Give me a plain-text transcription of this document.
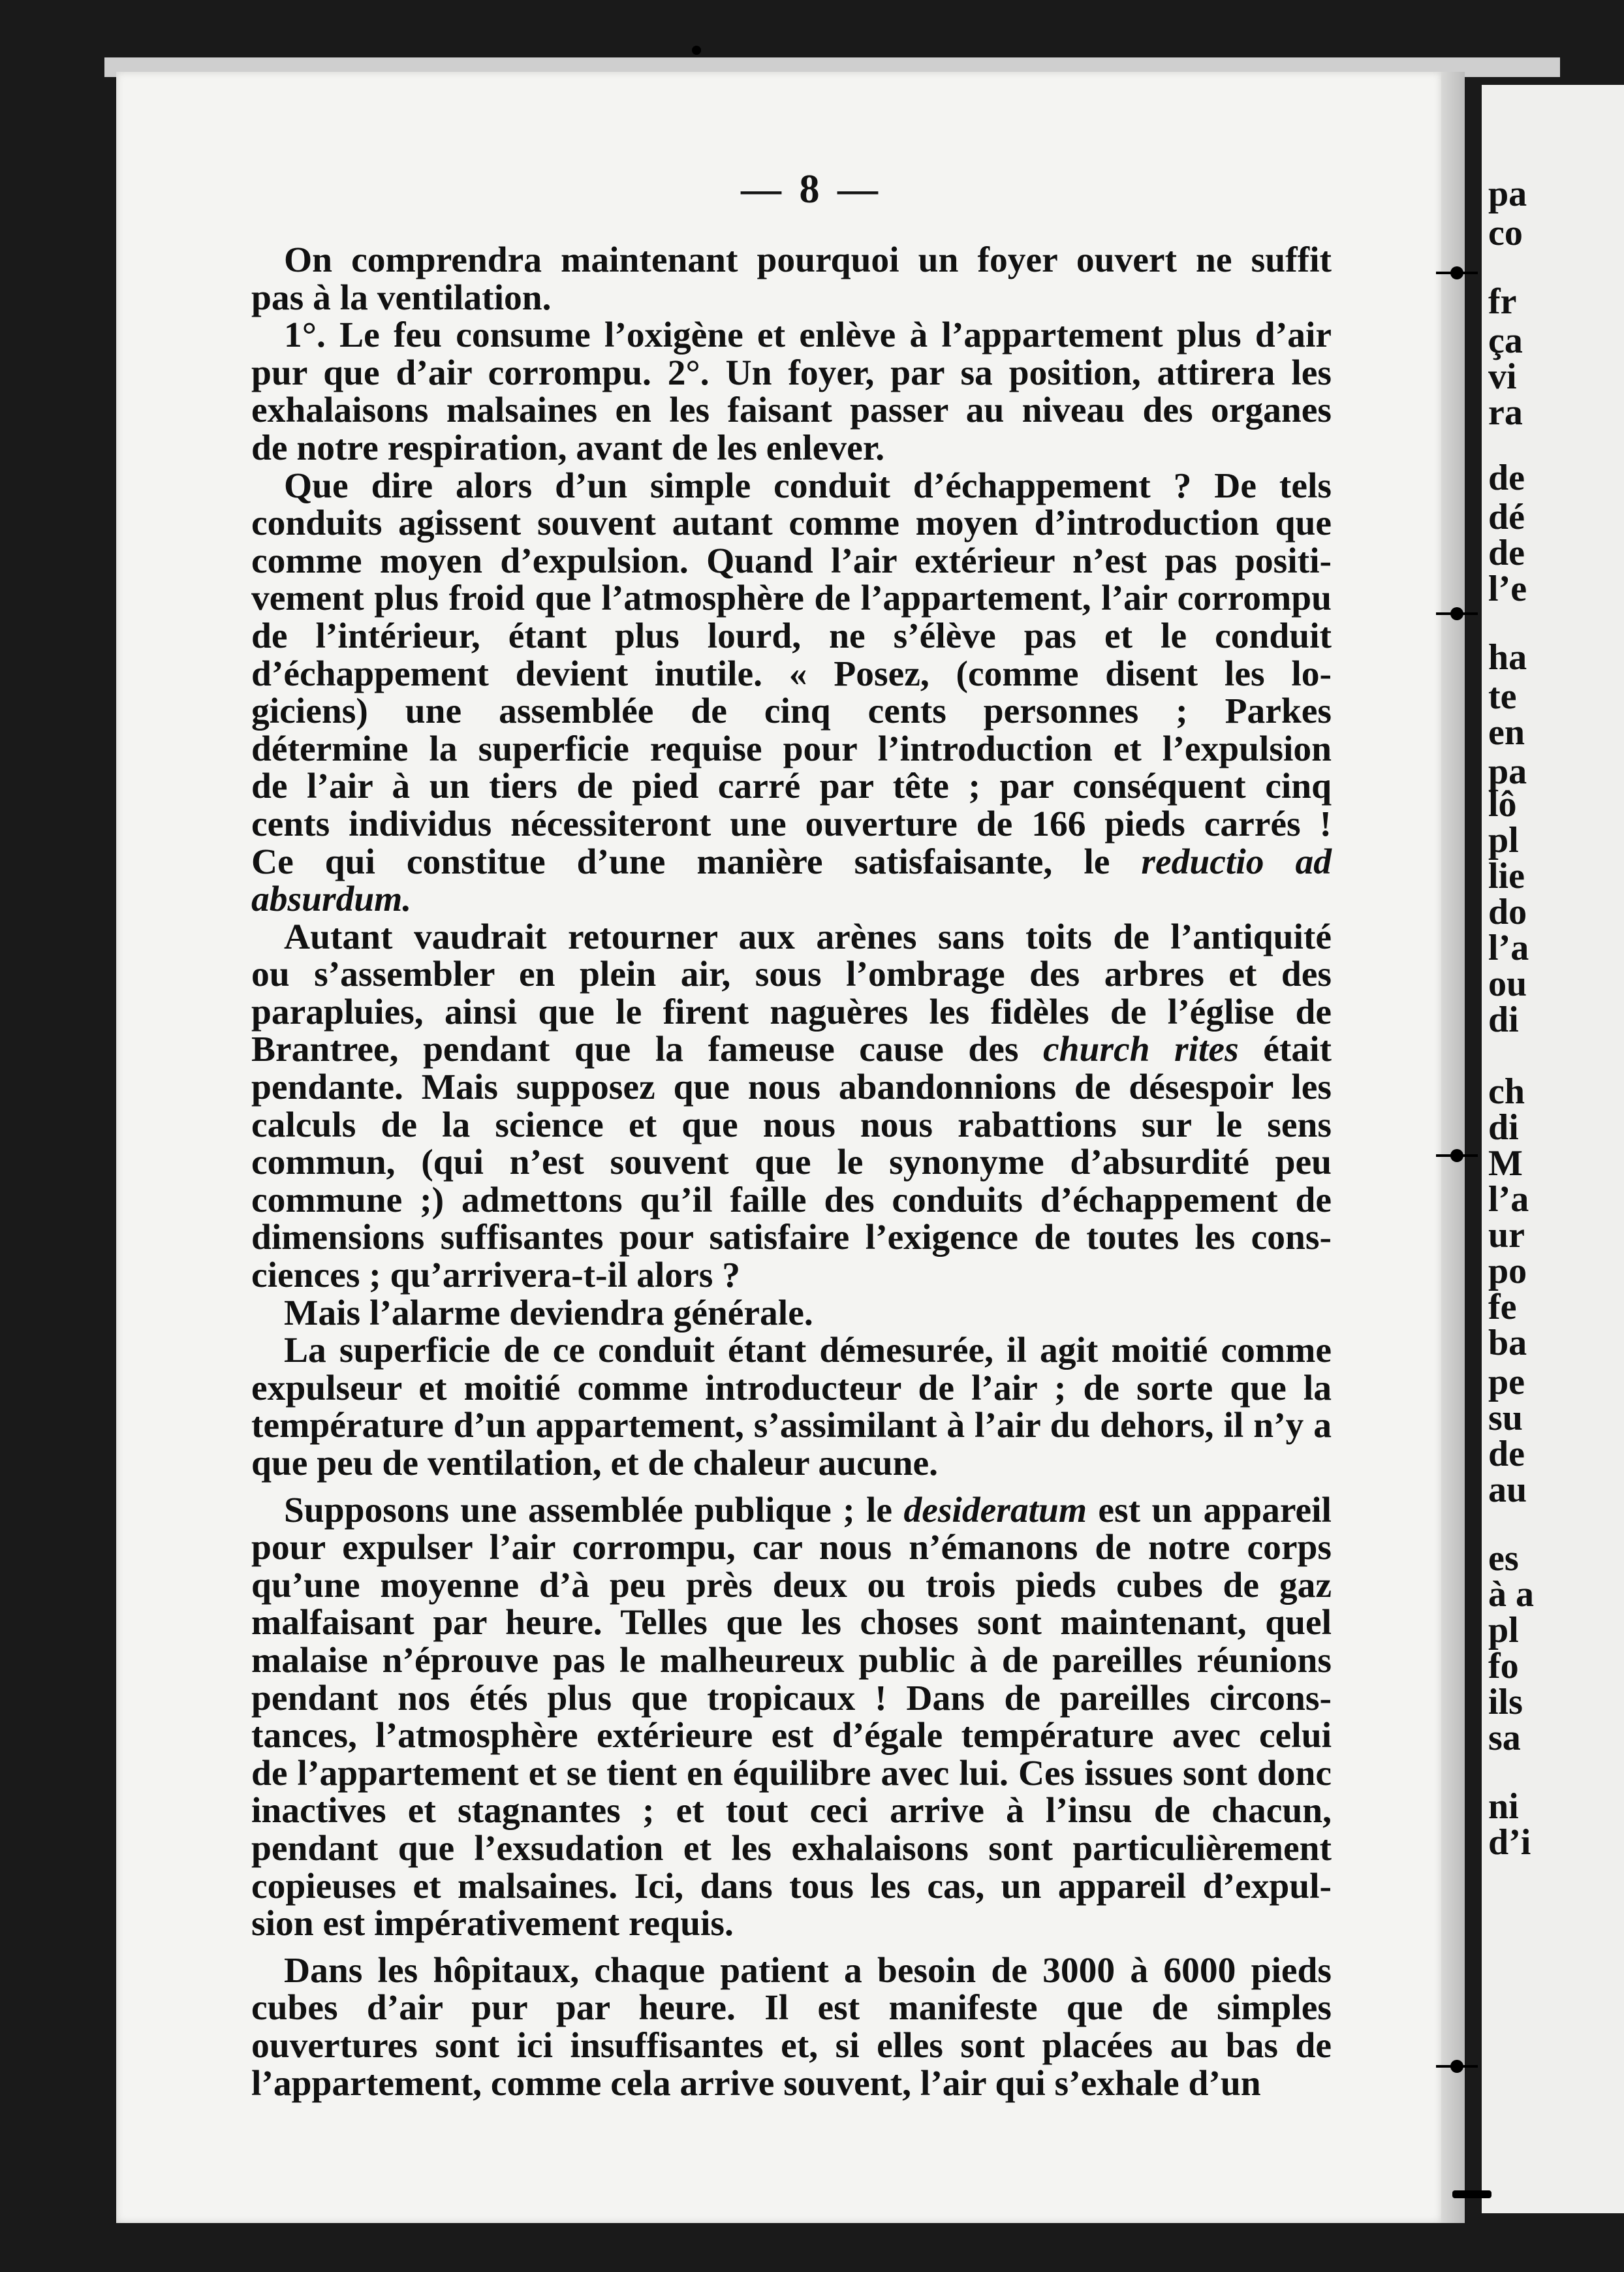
pa
co
fr
ça
vi
ra
de
dé
de
l’e
ha
te
en
pa
lô
pl
lie
do
l’a
ou
di
ch
di
M
l’a
ur
po
fe
ba
pe
su
de
au
es
à a
pl
fo
ils
sa
ni
d’i
— 8 —

On comprendra maintenant pourquoi un foyer ouvert ne suffit
pas à la ventilation.

1°. Le feu consume l’oxigène et enlève à l’appartement plus d’air
pur que d’air corrompu. 2°. Un foyer, par sa position, attirera les
exhalaisons malsaines en les faisant passer au niveau des organes
de notre respiration, avant de les enlever.

Que dire alors d’un simple conduit d’échappement ? De tels
conduits agissent souvent autant comme moyen d’introduction que
comme moyen d’expulsion. Quand l’air extérieur n’est pas positi-
vement plus froid que l’atmosphère de l’appartement, l’air corrompu
de l’intérieur, étant plus lourd, ne s’élève pas et le conduit
d’échappement devient inutile. « Posez, (comme disent les lo-
giciens) une assemblée de cinq cents personnes ; Parkes
détermine la superficie requise pour l’introduction et l’expulsion
de l’air à un tiers de pied carré par tête ; par conséquent cinq
cents individus nécessiteront une ouverture de 166 pieds carrés !
Ce qui constitue d’une manière satisfaisante, le reductio ad
absurdum.

Autant vaudrait retourner aux arènes sans toits de l’antiquité
ou s’assembler en plein air, sous l’ombrage des arbres et des
parapluies, ainsi que le firent naguères les fidèles de l’église de
Brantree, pendant que la fameuse cause des church rites était
pendante. Mais supposez que nous abandonnions de désespoir les
calculs de la science et que nous nous rabattions sur le sens
commun, (qui n’est souvent que le synonyme d’absurdité peu
commune ;) admettons qu’il faille des conduits d’échappement de
dimensions suffisantes pour satisfaire l’exigence de toutes les cons-
ciences ; qu’arrivera-t-il alors ?

Mais l’alarme deviendra générale.

La superficie de ce conduit étant démesurée, il agit moitié comme
expulseur et moitié comme introducteur de l’air ; de sorte que la
température d’un appartement, s’assimilant à l’air du dehors, il n’y a
que peu de ventilation, et de chaleur aucune.

Supposons une assemblée publique ; le desideratum est un appareil
pour expulser l’air corrompu, car nous n’émanons de notre corps
qu’une moyenne d’à peu près deux ou trois pieds cubes de gaz
malfaisant par heure. Telles que les choses sont maintenant, quel
malaise n’éprouve pas le malheureux public à de pareilles réunions
pendant nos étés plus que tropicaux ! Dans de pareilles circons-
tances, l’atmosphère extérieure est d’égale température avec celui
de l’appartement et se tient en équilibre avec lui. Ces issues sont donc
inactives et stagnantes ; et tout ceci arrive à l’insu de chacun,
pendant que l’exsudation et les exhalaisons sont particulièrement
copieuses et malsaines. Ici, dans tous les cas, un appareil d’expul-
sion est impérativement requis.

Dans les hôpitaux, chaque patient a besoin de 3000 à 6000 pieds
cubes d’air pur par heure. Il est manifeste que de simples
ouvertures sont ici insuffisantes et, si elles sont placées au bas de
l’appartement, comme cela arrive souvent, l’air qui s’exhale d’un
